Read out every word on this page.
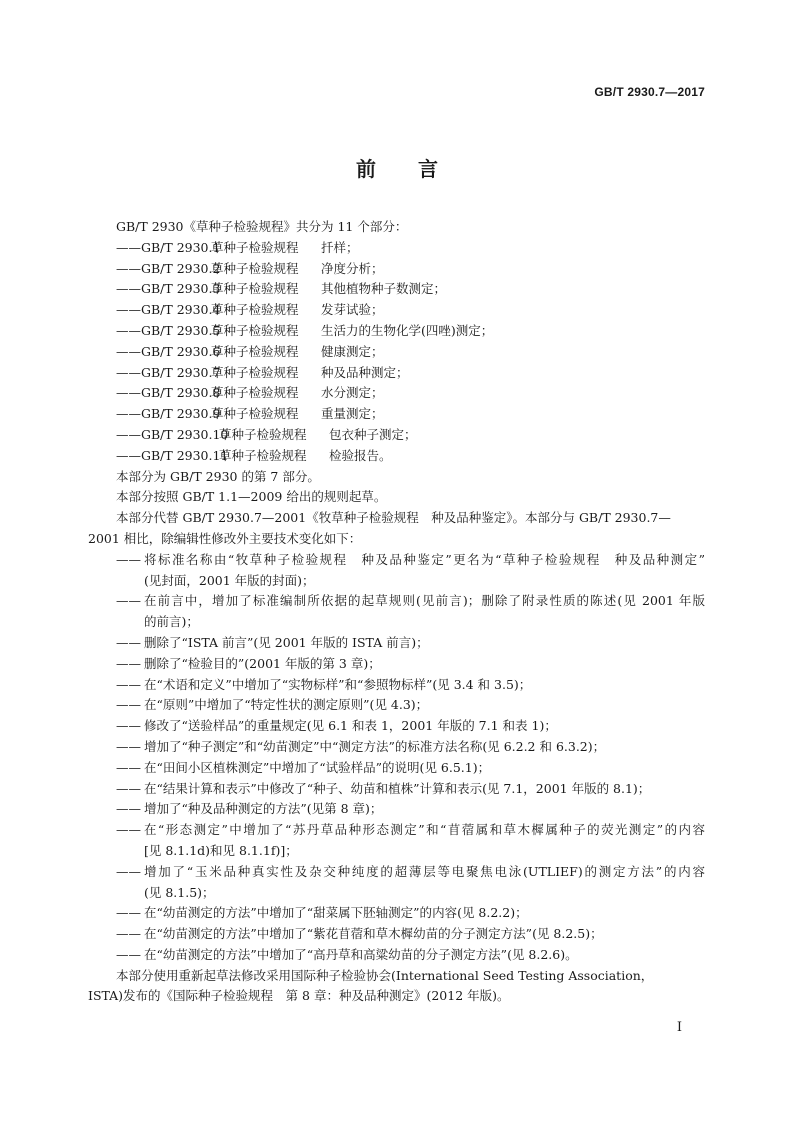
GB/T 2930.7—2017
前 言
GB/T 2930《草种子检验规程》共分为 11 个部分：
——GB/T 2930.1草种子检验规程 扦样；
——GB/T 2930.2草种子检验规程 净度分析；
——GB/T 2930.3草种子检验规程 其他植物种子数测定；
——GB/T 2930.4草种子检验规程 发芽试验；
——GB/T 2930.5草种子检验规程 生活力的生物化学(四唑)测定；
——GB/T 2930.6草种子检验规程 健康测定；
——GB/T 2930.7草种子检验规程 种及品种测定；
——GB/T 2930.8草种子检验规程 水分测定；
——GB/T 2930.9草种子检验规程 重量测定；
——GB/T 2930.10草种子检验规程 包衣种子测定；
——GB/T 2930.11草种子检验规程 检验报告。
本部分为 GB/T 2930 的第 7 部分。
本部分按照 GB/T 1.1—2009 给出的规则起草。
本部分代替 GB/T 2930.7—2001《牧草种子检验规程　种及品种鉴定》。本部分与 GB/T 2930.7—
2001 相比，除编辑性修改外主要技术变化如下：
—— 将标准名称由“牧草种子检验规程　种及品种鉴定”更名为“草种子检验规程　种及品种测定”
(见封面，2001 年版的封面)；
—— 在前言中，增加了标准编制所依据的起草规则(见前言)；删除了附录性质的陈述(见 2001 年版
的前言)；
—— 删除了“ISTA 前言”(见 2001 年版的 ISTA 前言)；
—— 删除了“检验目的”(2001 年版的第 3 章)；
—— 在“术语和定义”中增加了“实物标样”和“参照物标样”(见 3.4 和 3.5)；
—— 在“原则”中增加了“特定性状的测定原则”(见 4.3)；
—— 修改了“送验样品”的重量规定(见 6.1 和表 1，2001 年版的 7.1 和表 1)；
—— 增加了“种子测定”和“幼苗测定”中“测定方法”的标准方法名称(见 6.2.2 和 6.3.2)；
—— 在“田间小区植株测定”中增加了“试验样品”的说明(见 6.5.1)；
—— 在“结果计算和表示”中修改了“种子、幼苗和植株”计算和表示(见 7.1，2001 年版的 8.1)；
—— 增加了“种及品种测定的方法”(见第 8 章)；
—— 在“形态测定”中增加了“苏丹草品种形态测定”和“苜蓿属和草木樨属种子的荧光测定”的内容
[见 8.1.1d)和见 8.1.1f)]；
—— 增加了“玉米品种真实性及杂交种纯度的超薄层等电聚焦电泳(UTLIEF)的测定方法”的内容
(见 8.1.5)；
—— 在“幼苗测定的方法”中增加了“甜菜属下胚轴测定”的内容(见 8.2.2)；
—— 在“幼苗测定的方法”中增加了“紫花苜蓿和草木樨幼苗的分子测定方法”(见 8.2.5)；
—— 在“幼苗测定的方法”中增加了“高丹草和高粱幼苗的分子测定方法”(见 8.2.6)。
本部分使用重新起草法修改采用国际种子检验协会(International Seed Testing Association，
ISTA)发布的《国际种子检验规程　第 8 章：种及品种测定》(2012 年版)。
I
